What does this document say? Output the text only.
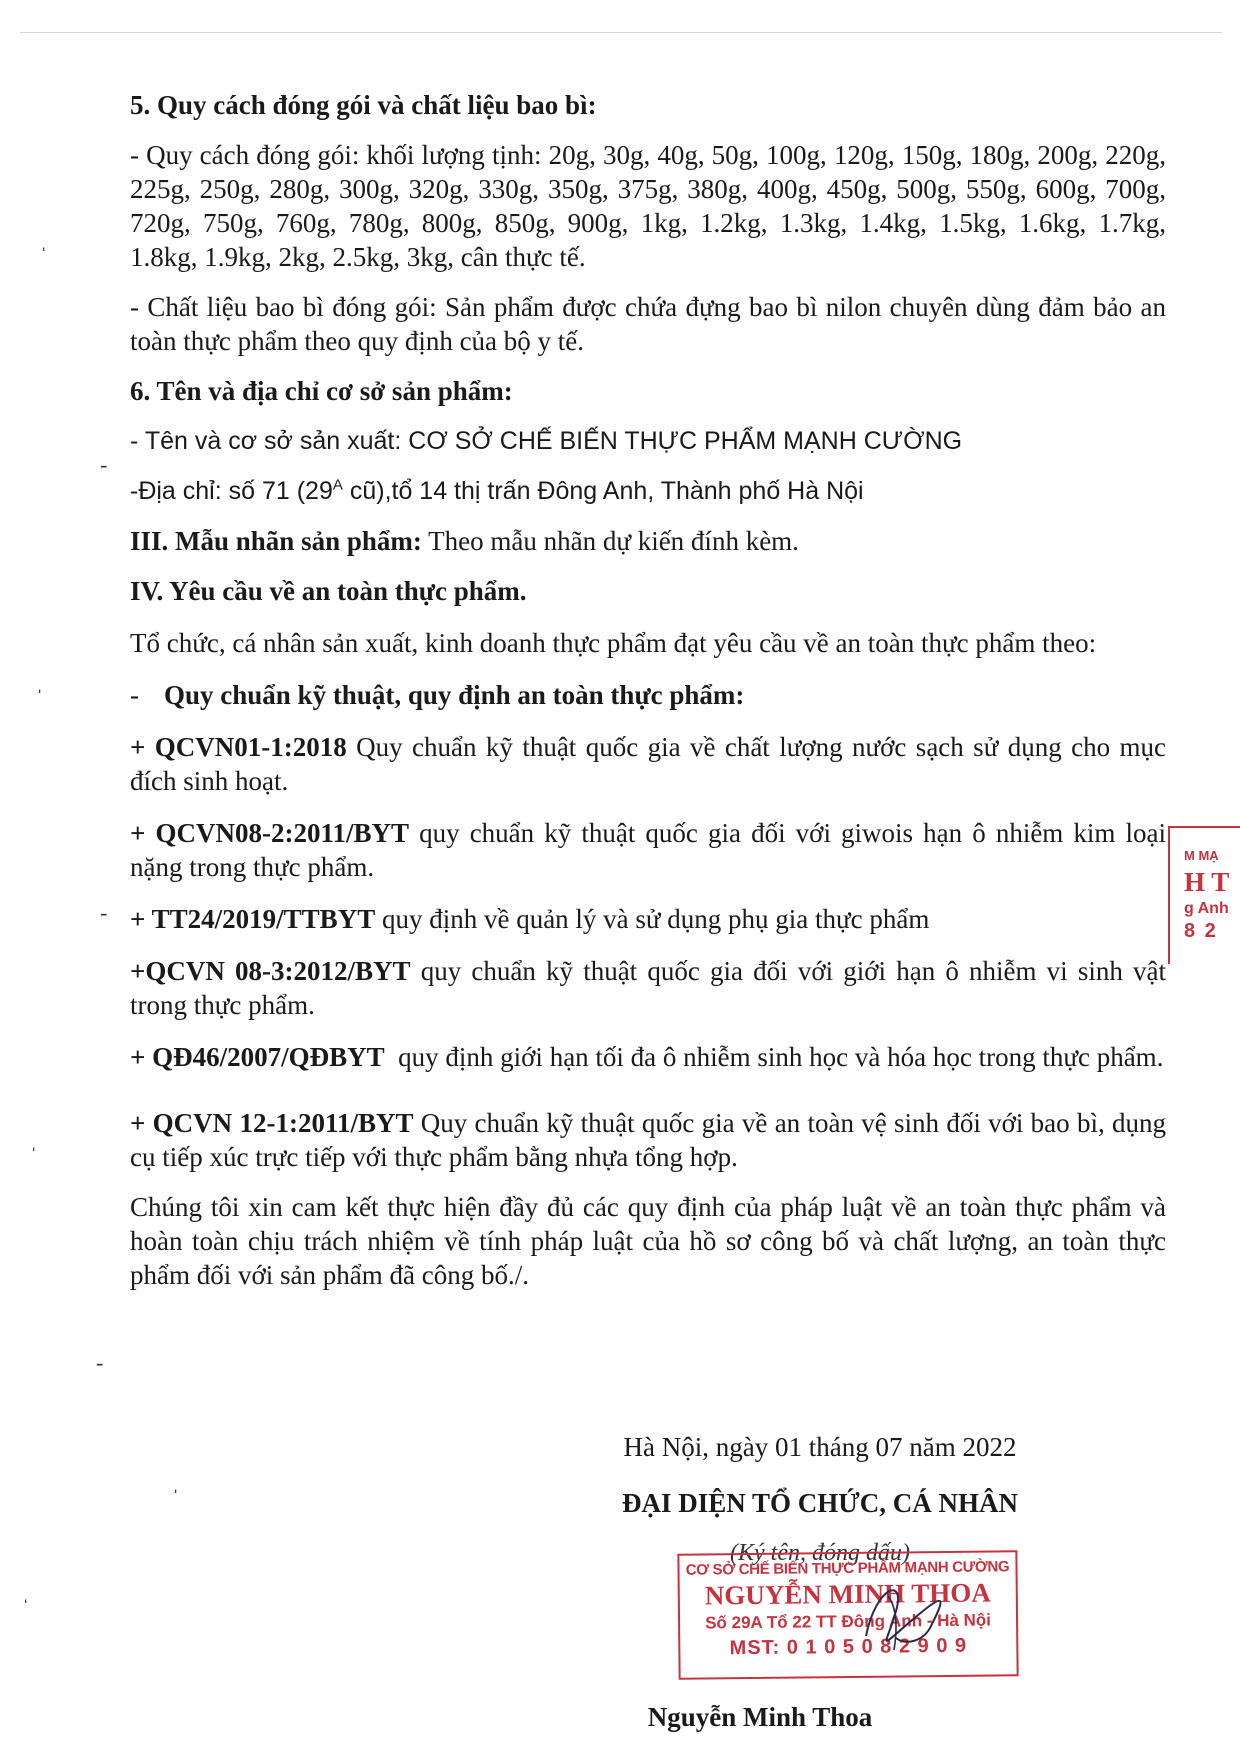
5. Quy cách đóng gói và chất liệu bao bì:

- Quy cách đóng gói: khối lượng tịnh: 20g, 30g, 40g, 50g, 100g, 120g, 150g, 180g, 200g, 220g, 225g, 250g, 280g, 300g, 320g, 330g, 350g, 375g, 380g, 400g, 450g, 500g, 550g, 600g, 700g, 720g, 750g, 760g, 780g, 800g, 850g, 900g, 1kg, 1.2kg, 1.3kg, 1.4kg, 1.5kg, 1.6kg, 1.7kg, 1.8kg, 1.9kg, 2kg, 2.5kg, 3kg, cân thực tế.

- Chất liệu bao bì đóng gói: Sản phẩm được chứa đựng bao bì nilon chuyên dùng đảm bảo an toàn thực phẩm theo quy định của bộ y tế.

6. Tên và địa chỉ cơ sở sản phẩm:

- Tên và cơ sở sản xuất: CƠ SỞ CHẾ BIẾN THỰC PHẨM MẠNH CƯỜNG

-Địa chỉ: số 71 ($29^A$ cũ),tổ 14 thị trấn Đông Anh, Thành phố Hà Nội

III. Mẫu nhãn sản phẩm: Theo mẫu nhãn dự kiến đính kèm.

IV. Yêu cầu về an toàn thực phẩm.

Tổ chức, cá nhân sản xuất, kinh doanh thực phẩm đạt yêu cầu về an toàn thực phẩm theo:

- Quy chuẩn kỹ thuật, quy định an toàn thực phẩm:

+ QCVN01-1:2018 Quy chuẩn kỹ thuật quốc gia về chất lượng nước sạch sử dụng cho mục đích sinh hoạt.

+ QCVN08-2:2011/BYT quy chuẩn kỹ thuật quốc gia đối với giwois hạn ô nhiễm kim loại nặng trong thực phẩm.

+ TT24/2019/TTBYT quy định về quản lý và sử dụng phụ gia thực phẩm

+QCVN 08-3:2012/BYT quy chuẩn kỹ thuật quốc gia đối với giới hạn ô nhiễm vi sinh vật trong thực phẩm.

+ QĐ46/2007/QĐBYT  quy định giới hạn tối đa ô nhiễm sinh học và hóa học trong thực phẩm.

+ QCVN 12-1:2011/BYT Quy chuẩn kỹ thuật quốc gia về an toàn vệ sinh đối với bao bì, dụng cụ tiếp xúc trực tiếp với thực phẩm bằng nhựa tổng hợp.

Chúng tôi xin cam kết thực hiện đầy đủ các quy định của pháp luật về an toàn thực phẩm và hoàn toàn chịu trách nhiệm về tính pháp luật của hồ sơ công bố và chất lượng, an toàn thực phẩm đối với sản phẩm đã công bố./.

Hà Nội, ngày 01 tháng 07 năm 2022
ĐẠI DIỆN TỔ CHỨC, CÁ NHÂN
(Ký tên, đóng dấu)
CƠ SỞ CHẾ BIẾN THỰC PHẨM MẠNH CƯỜNG
NGUYỄN MINH THOA
Số 29A Tổ 22 TT Đông Anh - Hà Nội
MST: 0 1 0 5 0 8 2 9 0 9
Nguyễn Minh Thoa
M MẠ
H T
g Anh
8 2
ˌ
-
ˌ
-
ˌ
-
ˌ
ˌ
